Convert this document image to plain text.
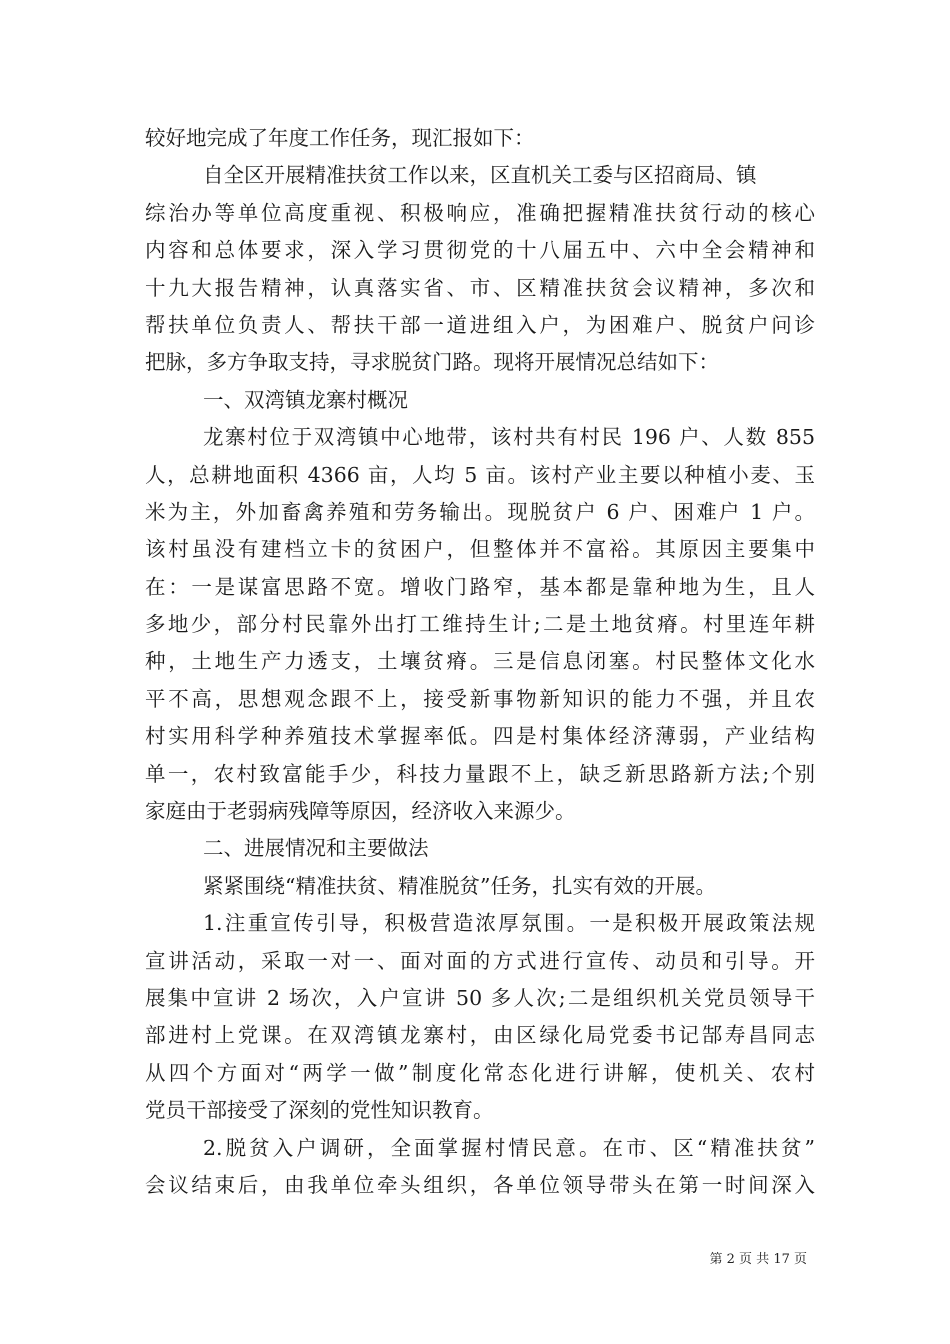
较好地完成了年度工作任务，现汇报如下：

自全区开展精准扶贫工作以来，区直机关工委与区招商局、镇

综治办等单位高度重视、积极响应，准确把握精准扶贫行动的核心

内容和总体要求，深入学习贯彻党的十八届五中、六中全会精神和

十九大报告精神，认真落实省、市、区精准扶贫会议精神，多次和

帮扶单位负责人、帮扶干部一道进组入户，为困难户、脱贫户问诊

把脉，多方争取支持，寻求脱贫门路。现将开展情况总结如下：

一、双湾镇龙寨村概况

龙寨村位于双湾镇中心地带，该村共有村民 196 户、人数 855

人，总耕地面积 4366 亩，人均 5 亩。该村产业主要以种植小麦、玉

米为主，外加畜禽养殖和劳务输出。现脱贫户 6 户、困难户 1 户。

该村虽没有建档立卡的贫困户，但整体并不富裕。其原因主要集中

在：一是谋富思路不宽。增收门路窄，基本都是靠种地为生，且人

多地少，部分村民靠外出打工维持生计;二是土地贫瘠。村里连年耕

种，土地生产力透支，土壤贫瘠。三是信息闭塞。村民整体文化水

平不高，思想观念跟不上，接受新事物新知识的能力不强，并且农

村实用科学种养殖技术掌握率低。四是村集体经济薄弱，产业结构

单一，农村致富能手少，科技力量跟不上，缺乏新思路新方法;个别

家庭由于老弱病残障等原因，经济收入来源少。

二、进展情况和主要做法

紧紧围绕“精准扶贫、精准脱贫”任务，扎实有效的开展。

1.注重宣传引导，积极营造浓厚氛围。一是积极开展政策法规

宣讲活动，采取一对一、面对面的方式进行宣传、动员和引导。开

展集中宣讲 2 场次，入户宣讲 50 多人次;二是组织机关党员领导干

部进村上党课。在双湾镇龙寨村，由区绿化局党委书记郜寿昌同志

从四个方面对“两学一做”制度化常态化进行讲解，使机关、农村

党员干部接受了深刻的党性知识教育。

2.脱贫入户调研，全面掌握村情民意。在市、区“精准扶贫”

会议结束后，由我单位牵头组织，各单位领导带头在第一时间深入

第 2 页 共 17 页
